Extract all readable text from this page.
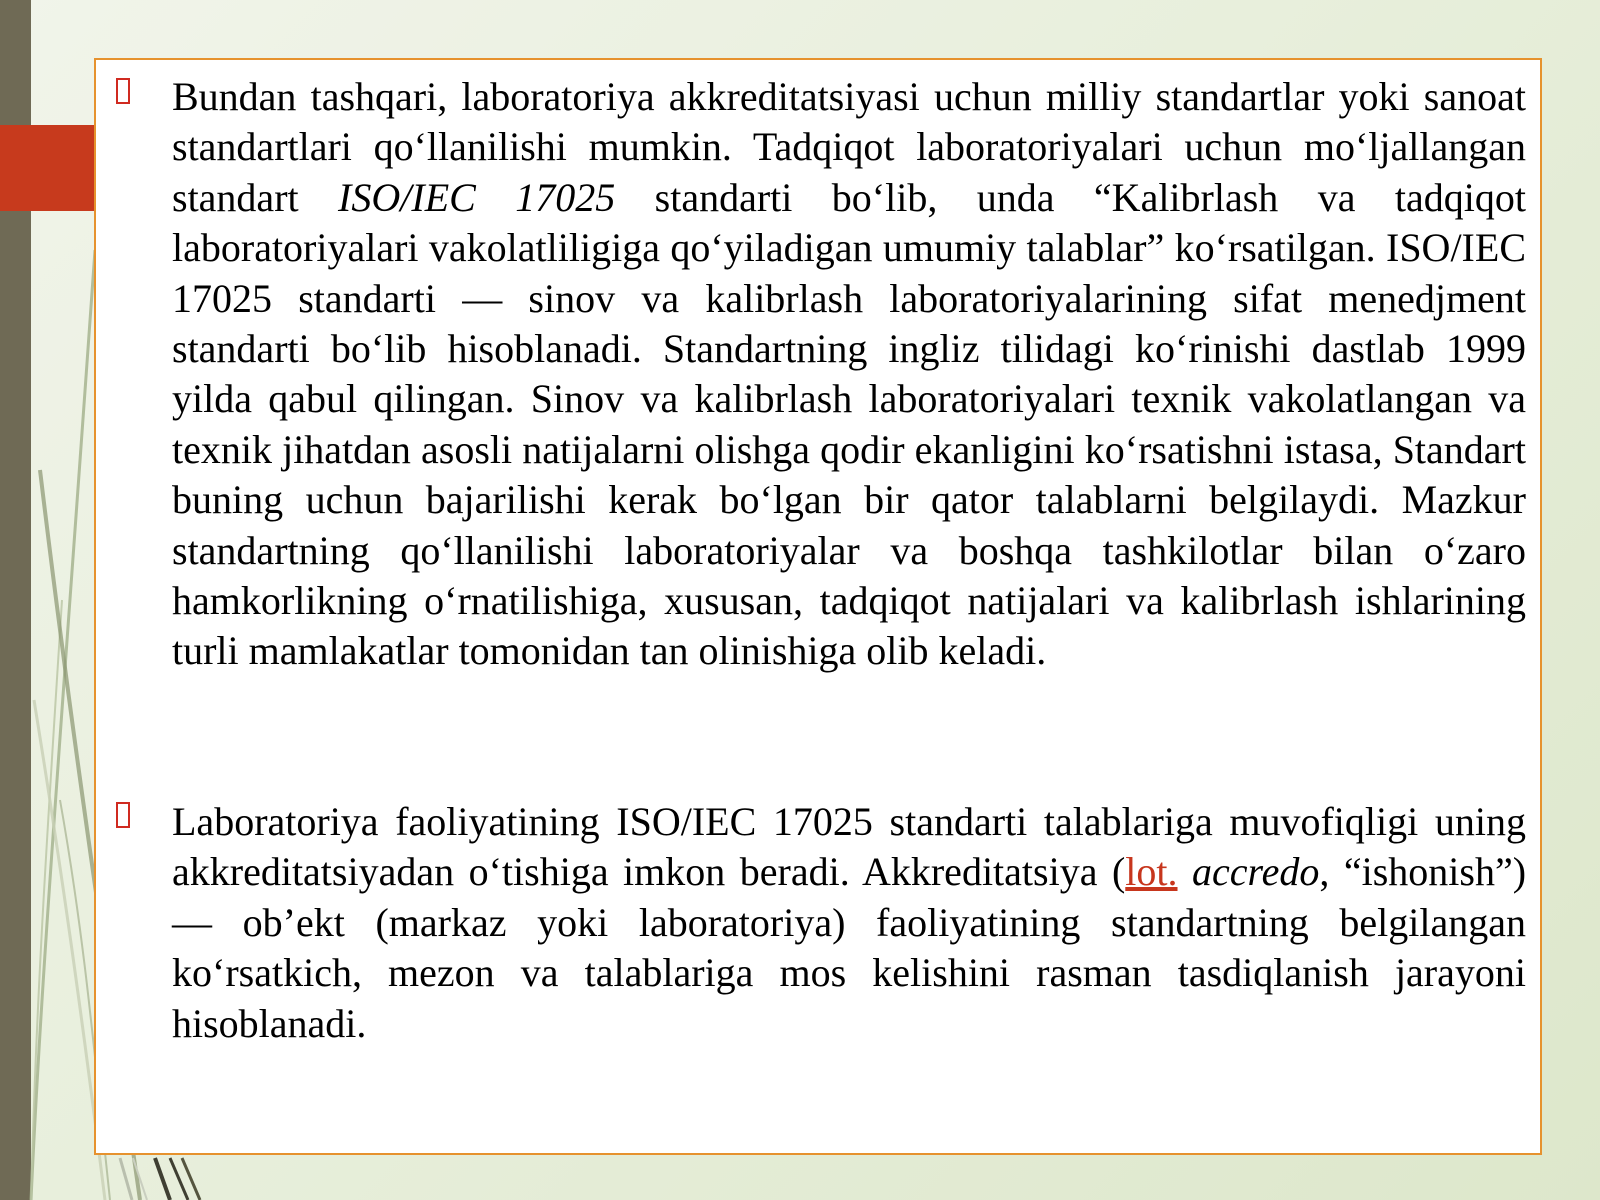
Bundan tashqari, laboratoriya akkreditatsiyasi uchun milliy standartlar yoki sanoat standartlari qo‘llanilishi mumkin. Tadqiqot laboratoriyalari uchun mo‘ljallangan standart ISO/IEC 17025 standarti bo‘lib, unda “Kalibrlash va tadqiqot laboratoriyalari vakolatliligiga qo‘yiladigan umumiy talablar” ko‘rsatilgan. ISO/IEC 17025 standarti — sinov va kalibrlash laboratoriyalarining sifat menedjment standarti bo‘lib hisoblanadi. Standartning ingliz tilidagi ko‘rinishi dastlab 1999 yilda qabul qilingan. Sinov va kalibrlash laboratoriyalari texnik vakolatlangan va texnik jihatdan asosli natijalarni olishga qodir ekanligini ko‘rsatishni istasa, Standart buning uchun bajarilishi kerak bo‘lgan bir qator talablarni belgilaydi. Mazkur standartning qo‘llanilishi laboratoriyalar va boshqa tashkilotlar bilan o‘zaro hamkorlikning o‘rnatilishiga, xususan, tadqiqot natijalari va kalibrlash ishlarining turli mamlakatlar tomonidan tan olinishiga olib keladi.

Laboratoriya faoliyatining ISO/IEC 17025 standarti talablariga muvofiqligi uning akkreditatsiyadan o‘tishiga imkon beradi. Akkreditatsiya (lot. accredo, “ishonish”) — ob’ekt (markaz yoki laboratoriya) faoliyatining standartning belgilangan ko‘rsatkich, mezon va talablariga mos kelishini rasman tasdiqlanish jarayoni hisoblanadi.
